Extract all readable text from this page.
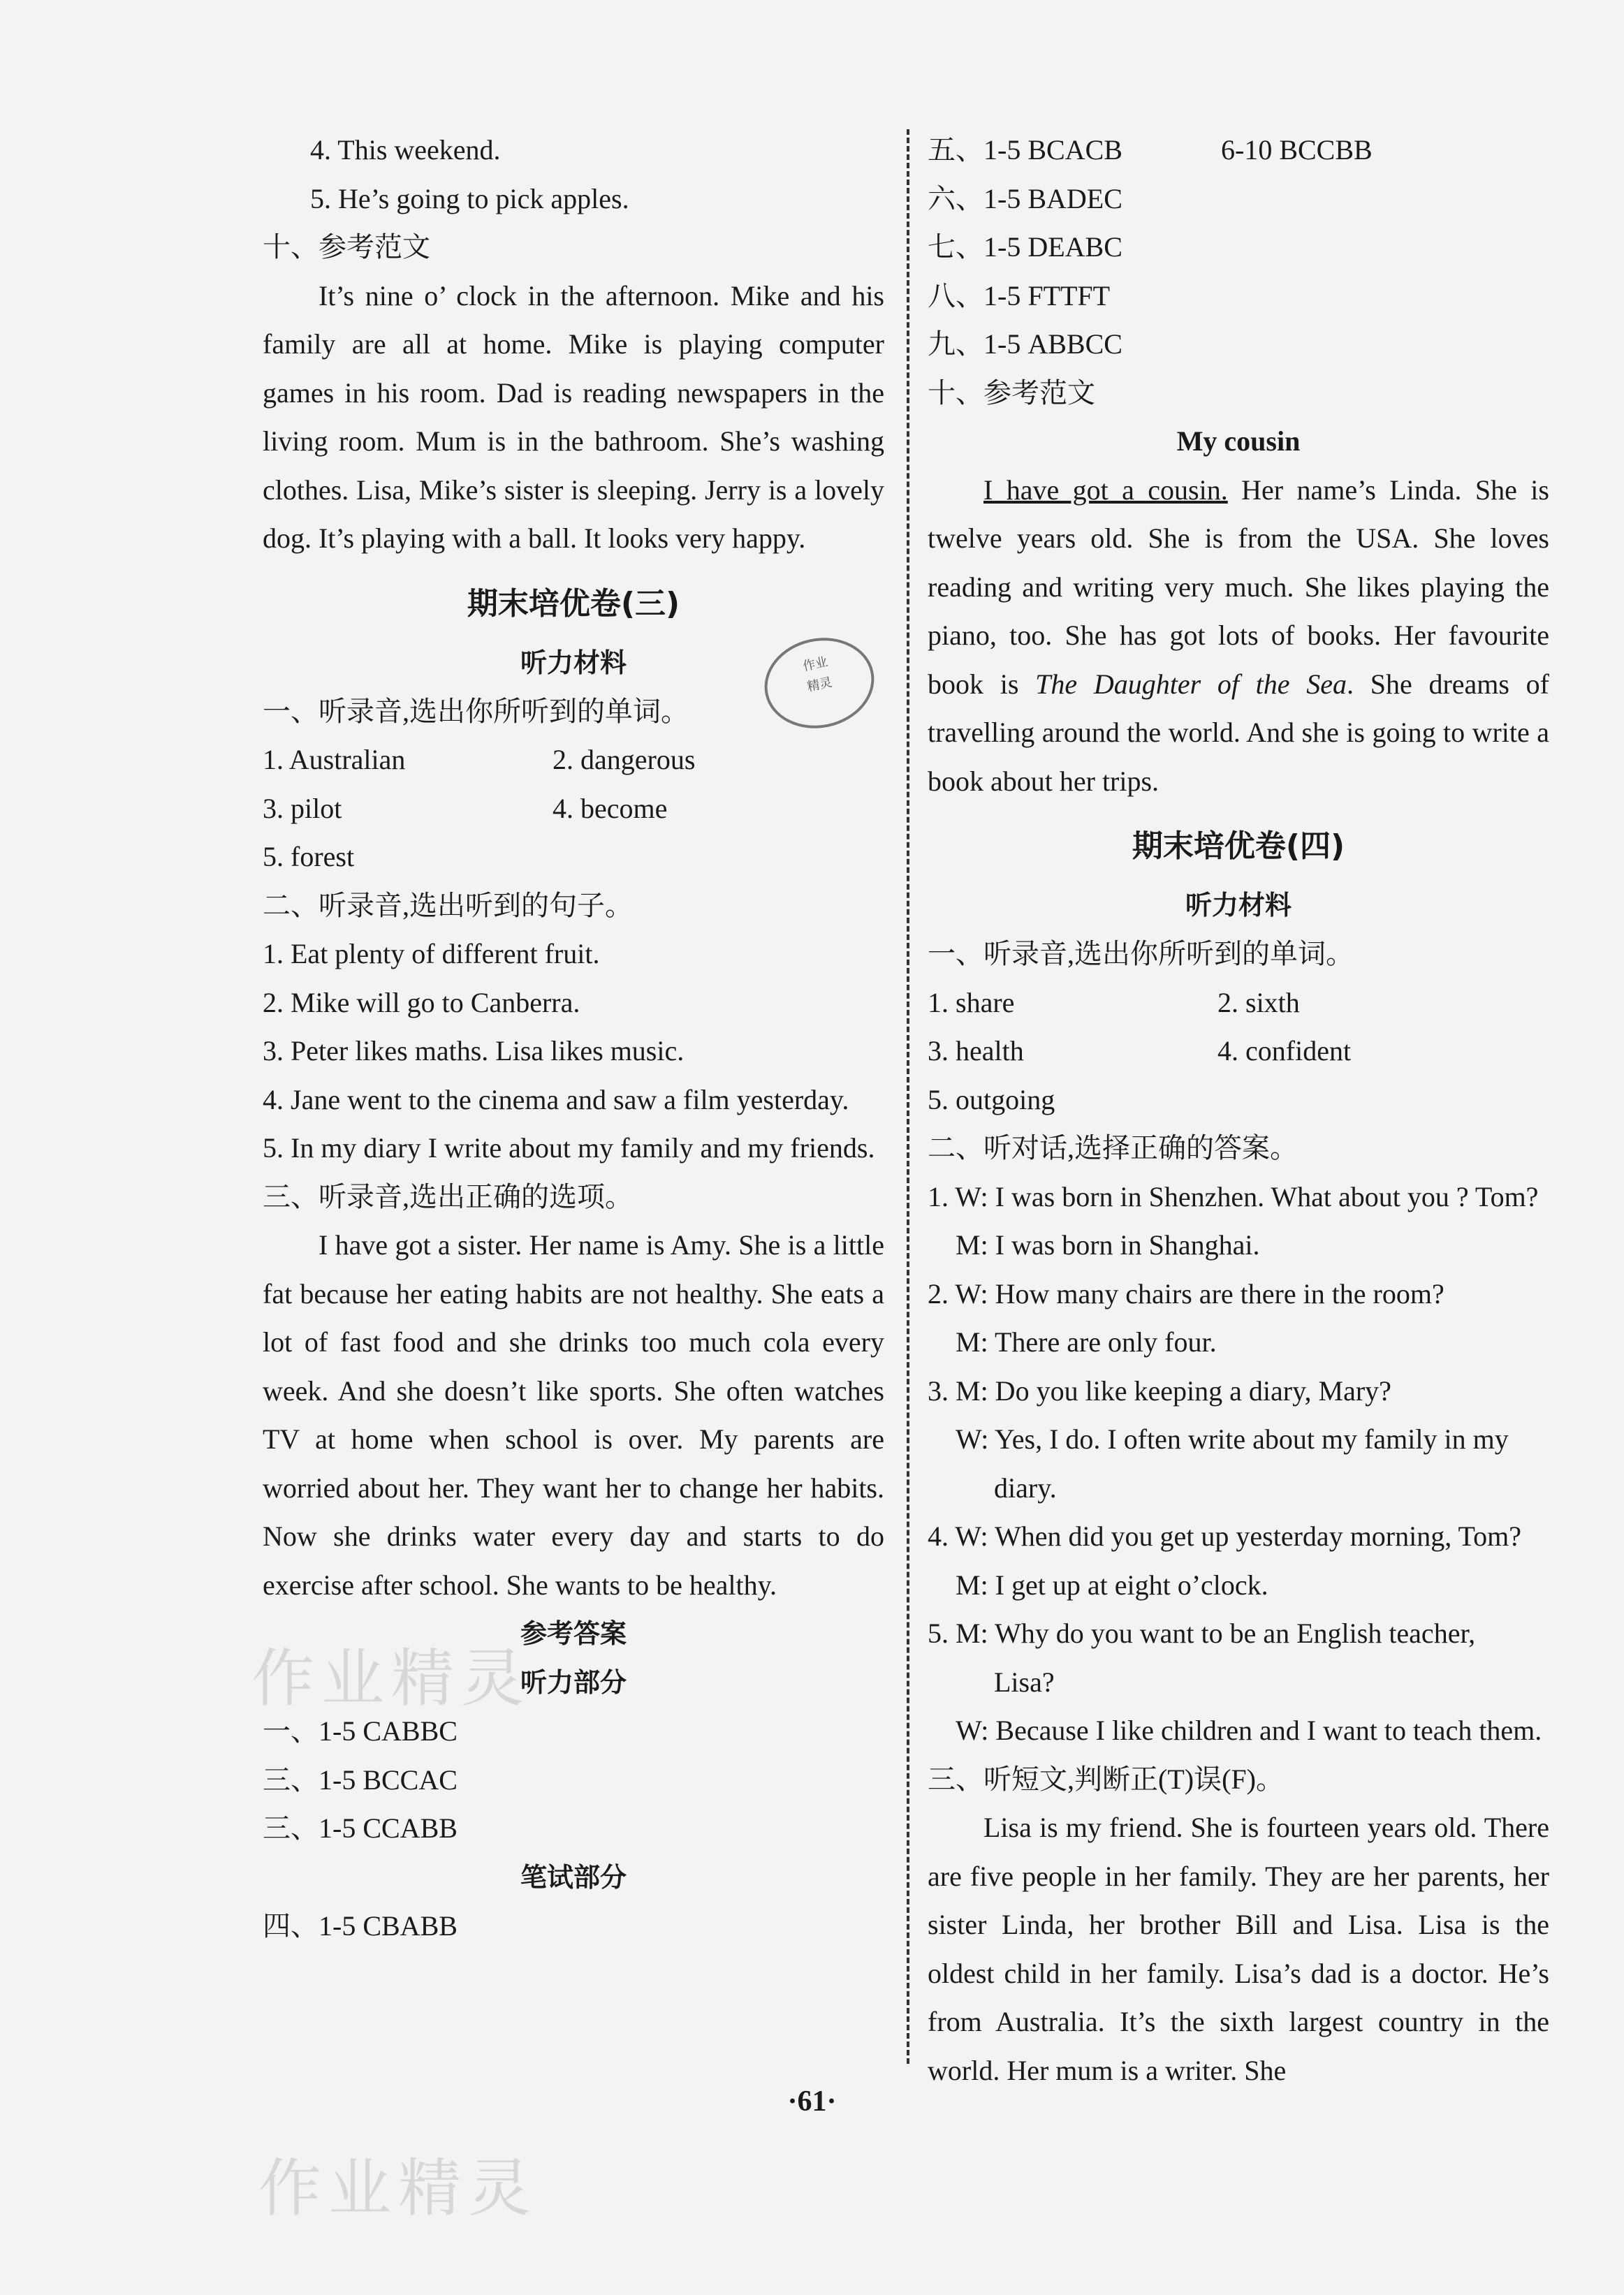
4. This weekend.
5. He’s going to pick apples.
十、参考范文
It’s nine o’ clock in the afternoon. Mike and his family are all at home. Mike is playing computer games in his room. Dad is reading newspapers in the living room. Mum is in the bathroom. She’s washing clothes. Lisa, Mike’s sister is sleeping. Jerry is a lovely dog. It’s playing with a ball. It looks very happy.
期末培优卷(三)
听力材料
一、听录音,选出你所听到的单词。
1. Australian	2. dangerous
3. pilot	4. become
5. forest
二、听录音,选出听到的句子。
1. Eat plenty of different fruit.
2. Mike will go to Canberra.
3. Peter likes maths. Lisa likes music.
4. Jane went to the cinema and saw a film yesterday.
5. In my diary I write about my family and my friends.
三、听录音,选出正确的选项。
I have got a sister. Her name is Amy. She is a little fat because her eating habits are not healthy. She eats a lot of fast food and she drinks too much cola every week. And she doesn’t like sports. She often watches TV at home when school is over. My parents are worried about her. They want her to change her habits. Now she drinks water every day and starts to do exercise after school. She wants to be healthy.
参考答案
听力部分
一、1-5 CABBC
三、1-5 BCCAC
三、1-5 CCABB
笔试部分
四、1-5 CBABB
作业
精灵
五、1-5 BCACB	6-10 BCCBB
六、1-5 BADEC
七、1-5 DEABC
八、1-5 FTTFT
九、1-5 ABBCC
十、参考范文
My cousin
I have got a cousin. Her name’s Linda. She is twelve years old. She is from the USA. She loves reading and writing very much. She likes playing the piano, too. She has got lots of books. Her favourite book is The Daughter of the Sea. She dreams of travelling around the world. And she is going to write a book about her trips.
期末培优卷(四)
听力材料
一、听录音,选出你所听到的单词。
1. share	2. sixth
3. health	4. confident
5. outgoing
二、听对话,选择正确的答案。
1. W: I was born in Shenzhen. What about you ? Tom?
M: I was born in Shanghai.
2. W: How many chairs are there in the room?
M: There are only four.
3. M: Do you like keeping a diary, Mary?
W: Yes, I do. I often write about my family in my
diary.
4. W: When did you get up yesterday morning, Tom?
M: I get up at eight o’clock.
5. M: Why do you want to be an English teacher,
Lisa?
W: Because I like children and I want to teach them.
三、听短文,判断正(T)误(F)。
Lisa is my friend. She is fourteen years old. There are five people in her family. They are her parents, her sister Linda, her brother Bill and Lisa. Lisa is the oldest child in her family. Lisa’s dad is a doctor. He’s from Australia. It’s the sixth largest country in the world. Her mum is a writer. She
·61·
作业精灵
作业精灵
